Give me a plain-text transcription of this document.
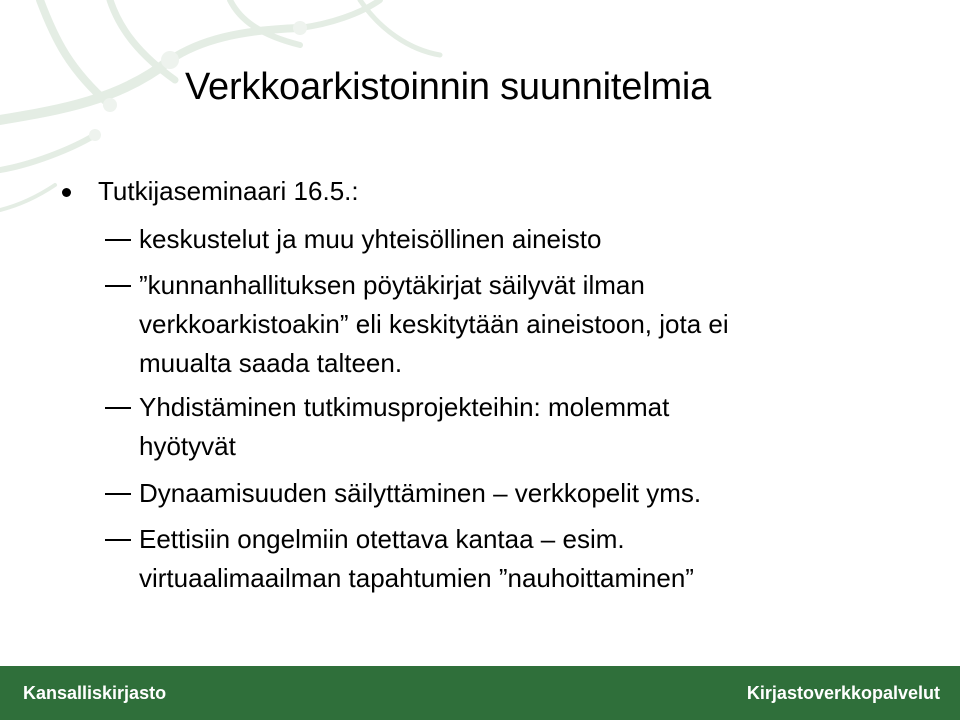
Verkkoarkistoinnin suunnitelmia
Tutkijaseminaari 16.5.:
keskustelut ja muu yhteisöllinen aineisto
”kunnanhallituksen pöytäkirjat säilyvät ilman
verkkoarkistoakin” eli keskitytään aineistoon, jota ei
muualta saada talteen.
Yhdistäminen tutkimusprojekteihin: molemmat
hyötyvät
Dynaamisuuden säilyttäminen – verkkopelit yms.
Eettisiin ongelmiin otettava kantaa – esim.
virtuaalimaailman tapahtumien ”nauhoittaminen”
Kansalliskirjasto	Kirjastoverkkopalvelut
